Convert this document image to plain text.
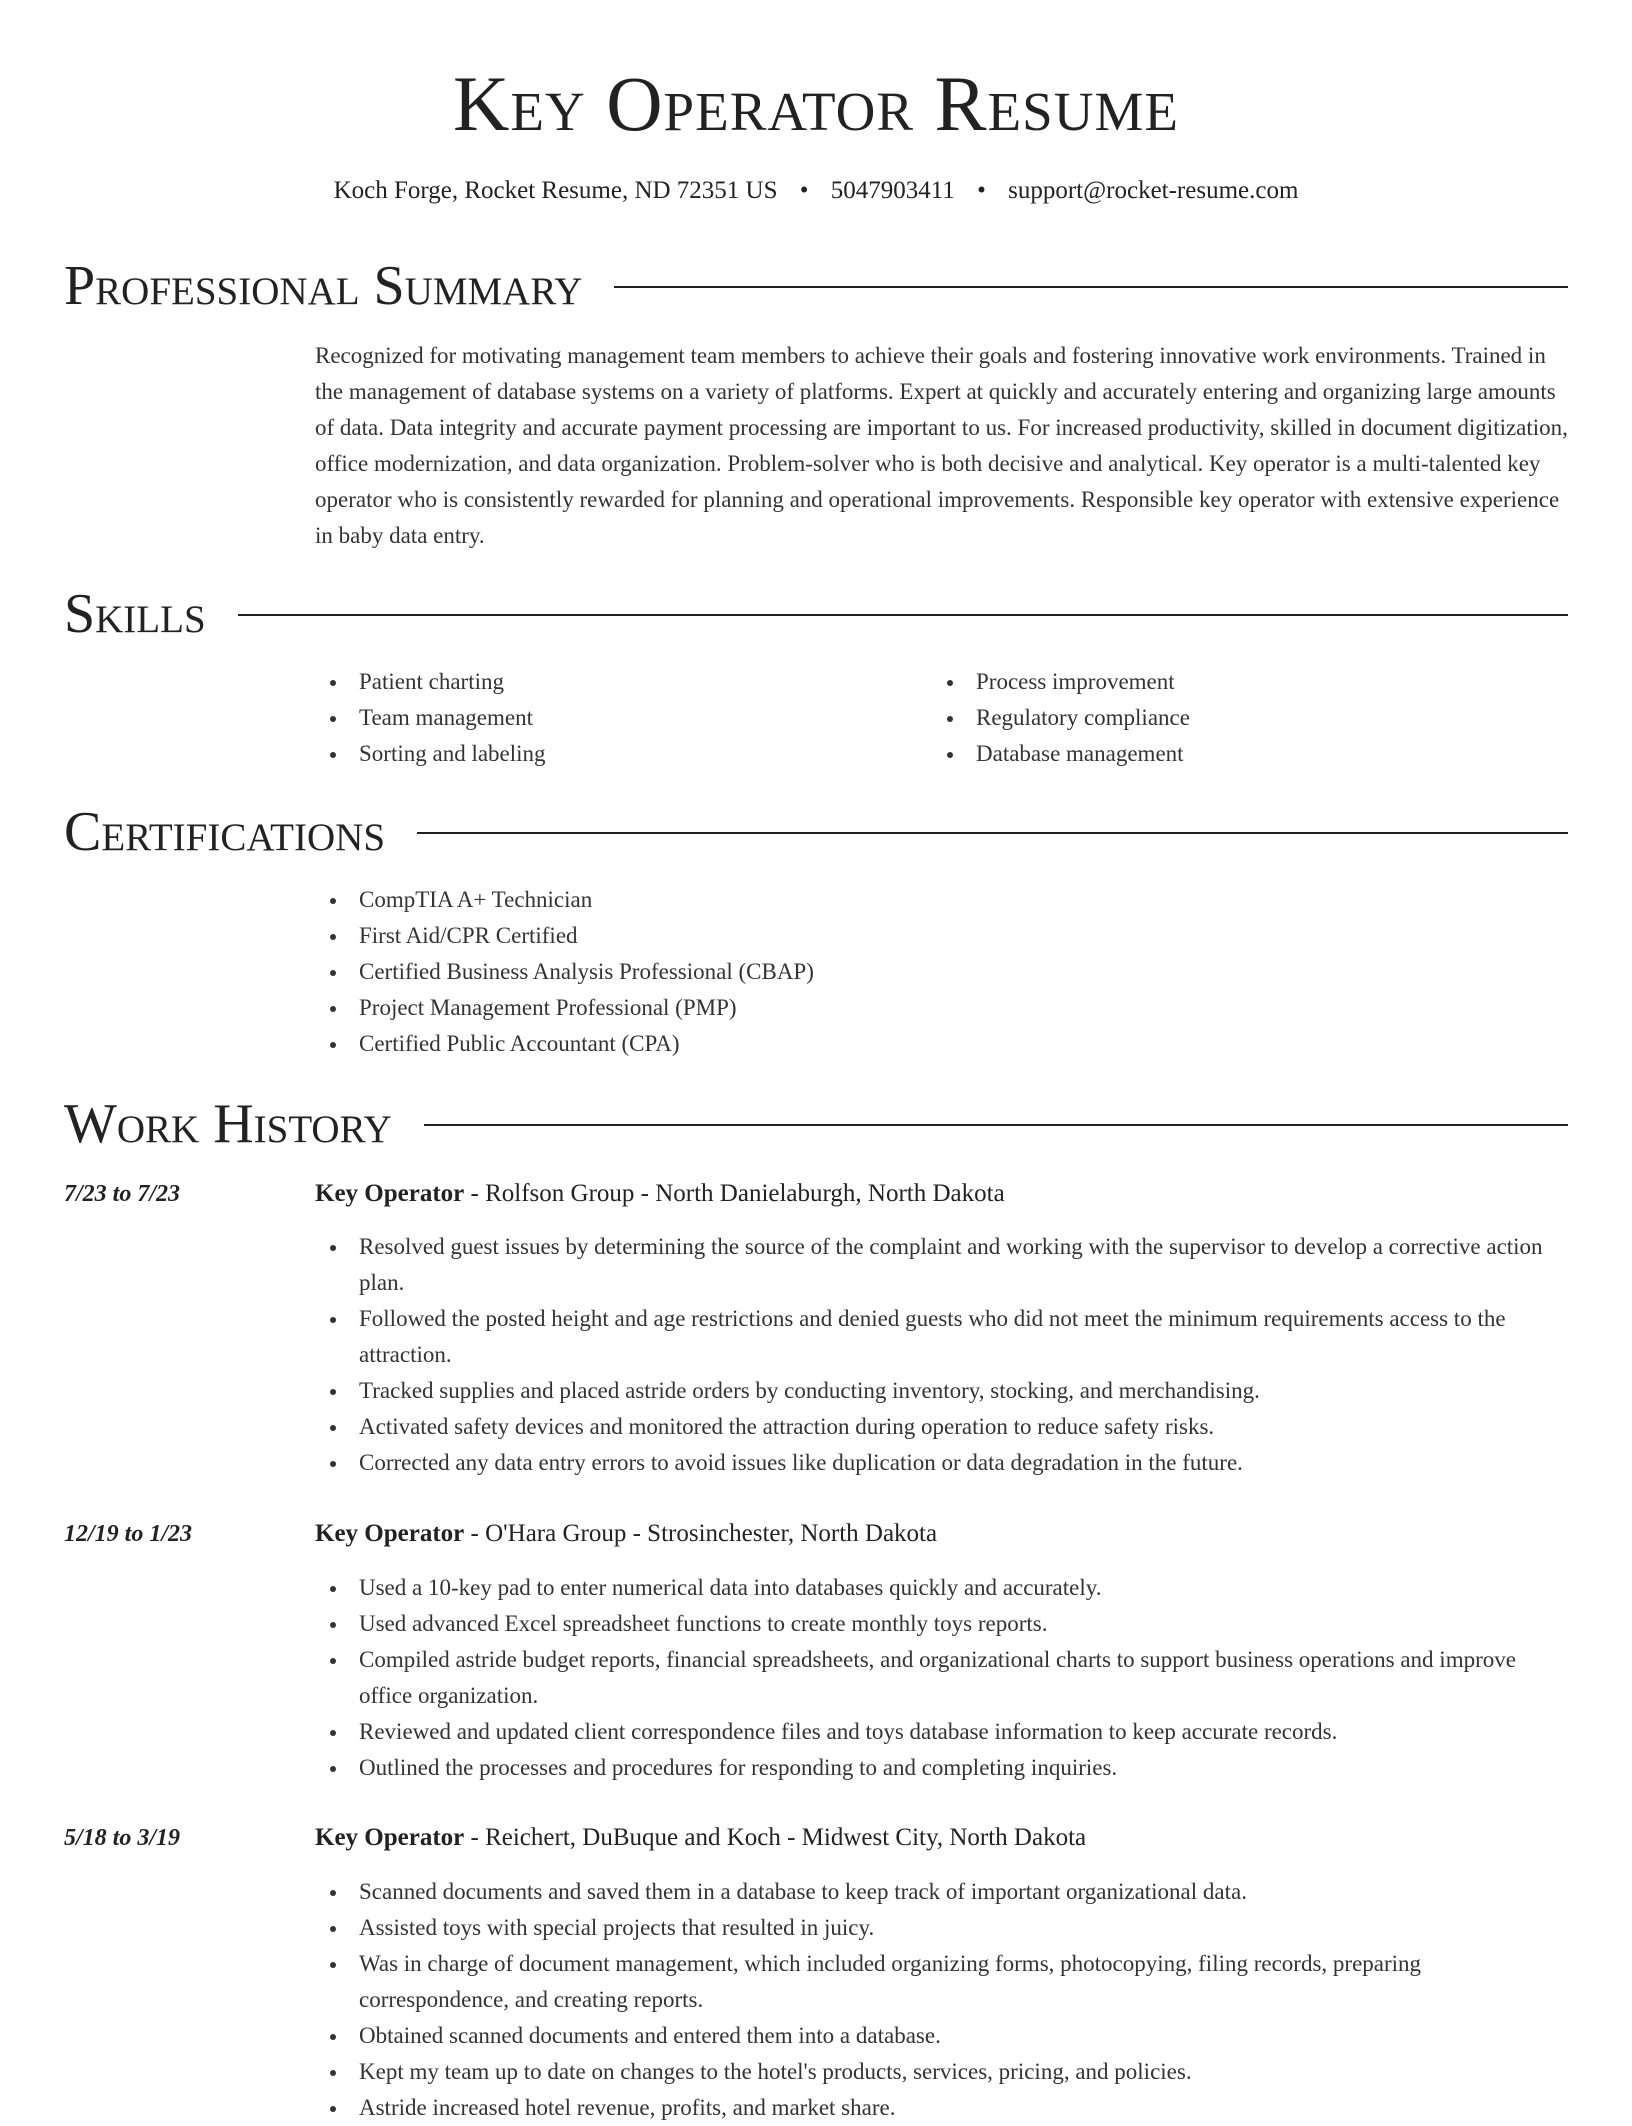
Key Operator Resume
Koch Forge, Rocket Resume, ND 72351 US • 5047903411 • support@rocket-resume.com
Professional Summary
Recognized for motivating management team members to achieve their goals and fostering innovative work environments. Trained in the management of database systems on a variety of platforms. Expert at quickly and accurately entering and organizing large amounts of data. Data integrity and accurate payment processing are important to us. For increased productivity, skilled in document digitization, office modernization, and data organization. Problem-solver who is both decisive and analytical. Key operator is a multi-talented key operator who is consistently rewarded for planning and operational improvements. Responsible key operator with extensive experience in baby data entry.
Skills
Patient charting
Team management
Sorting and labeling
Process improvement
Regulatory compliance
Database management
Certifications
CompTIA A+ Technician
First Aid/CPR Certified
Certified Business Analysis Professional (CBAP)
Project Management Professional (PMP)
Certified Public Accountant (CPA)
Work History
7/23 to 7/23	Key Operator - Rolfson Group - North Danielaburgh, North Dakota
Resolved guest issues by determining the source of the complaint and working with the supervisor to develop a corrective action plan.
Followed the posted height and age restrictions and denied guests who did not meet the minimum requirements access to the attraction.
Tracked supplies and placed astride orders by conducting inventory, stocking, and merchandising.
Activated safety devices and monitored the attraction during operation to reduce safety risks.
Corrected any data entry errors to avoid issues like duplication or data degradation in the future.
12/19 to 1/23	Key Operator - O'Hara Group - Strosinchester, North Dakota
Used a 10-key pad to enter numerical data into databases quickly and accurately.
Used advanced Excel spreadsheet functions to create monthly toys reports.
Compiled astride budget reports, financial spreadsheets, and organizational charts to support business operations and improve office organization.
Reviewed and updated client correspondence files and toys database information to keep accurate records.
Outlined the processes and procedures for responding to and completing inquiries.
5/18 to 3/19	Key Operator - Reichert, DuBuque and Koch - Midwest City, North Dakota
Scanned documents and saved them in a database to keep track of important organizational data.
Assisted toys with special projects that resulted in juicy.
Was in charge of document management, which included organizing forms, photocopying, filing records, preparing correspondence, and creating reports.
Obtained scanned documents and entered them into a database.
Kept my team up to date on changes to the hotel's products, services, pricing, and policies.
Astride increased hotel revenue, profits, and market share.
